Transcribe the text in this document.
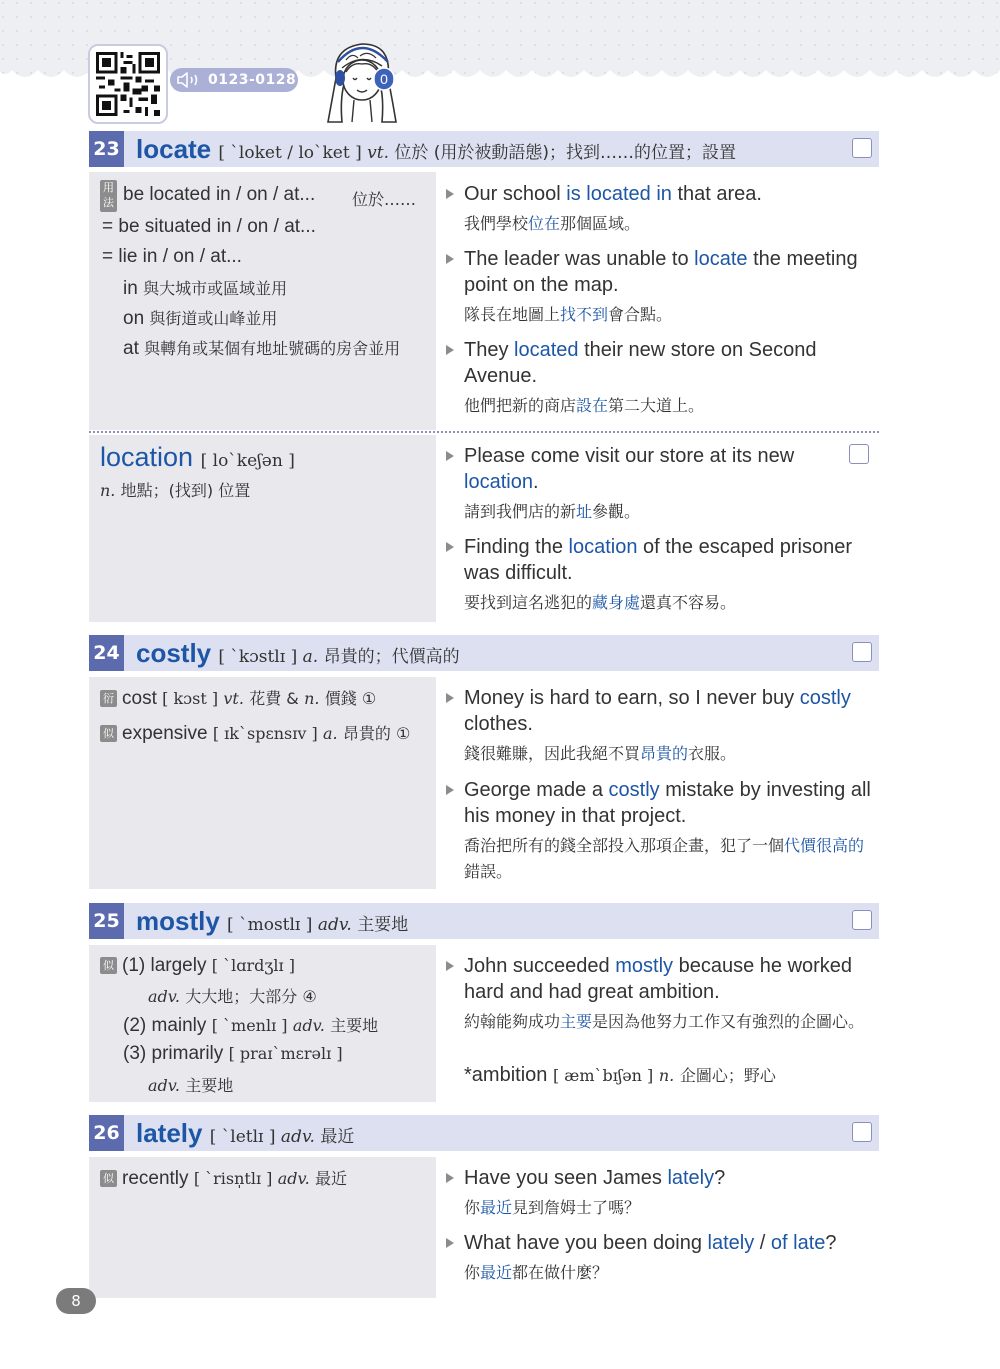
0123-0128	0
23 locate [ ˋloket / loˋket ] vt. 位於 (用於被動語態)；找到……的位置；設置
用法 be located in / on / at... 位於……
= be situated in / on / at...
= lie in / on / at...
in 與大城市或區域並用
on 與街道或山峰並用
at 與轉角或某個有地址號碼的房舍並用
Our school is located in that area.
我們學校位在那個區域。
The leader was unable to locate the meeting point on the map.
隊長在地圖上找不到會合點。
They located their new store on Second Avenue.
他們把新的商店設在第二大道上。
location [ loˋkeʃən ]
n. 地點；(找到) 位置
Please come visit our store at its new location.
請到我們店的新址參觀。
Finding the location of the escaped prisoner was difficult.
要找到這名逃犯的藏身處還真不容易。
24 costly [ ˋkɔstlɪ ] a. 昂貴的；代價高的
衍 cost [ kɔst ] vt. 花費 & n. 價錢 ①
似 expensive [ ɪkˋspɛnsɪv ] a. 昂貴的 ①
Money is hard to earn, so I never buy costly clothes.
錢很難賺，因此我絕不買昂貴的衣服。
George made a costly mistake by investing all his money in that project.
喬治把所有的錢全部投入那項企畫，犯了一個代價很高的錯誤。
25 mostly [ ˋmostlɪ ] adv. 主要地
似 (1) largely [ ˋlɑrdʒlɪ ]
adv. 大大地；大部分 ④
(2) mainly [ ˋmenlɪ ] adv. 主要地
(3) primarily [ praɪˋmɛrəlɪ ]
adv. 主要地
John succeeded mostly because he worked hard and had great ambition.
約翰能夠成功主要是因為他努力工作又有強烈的企圖心。
*ambition [ æmˋbɪʃən ] n. 企圖心；野心
26 lately [ ˋletlɪ ] adv. 最近
似 recently [ ˋrisn̩tlɪ ] adv. 最近	Have you seen James lately?
你最近見到詹姆士了嗎？
What have you been doing lately / of late?
你最近都在做什麼？
8
